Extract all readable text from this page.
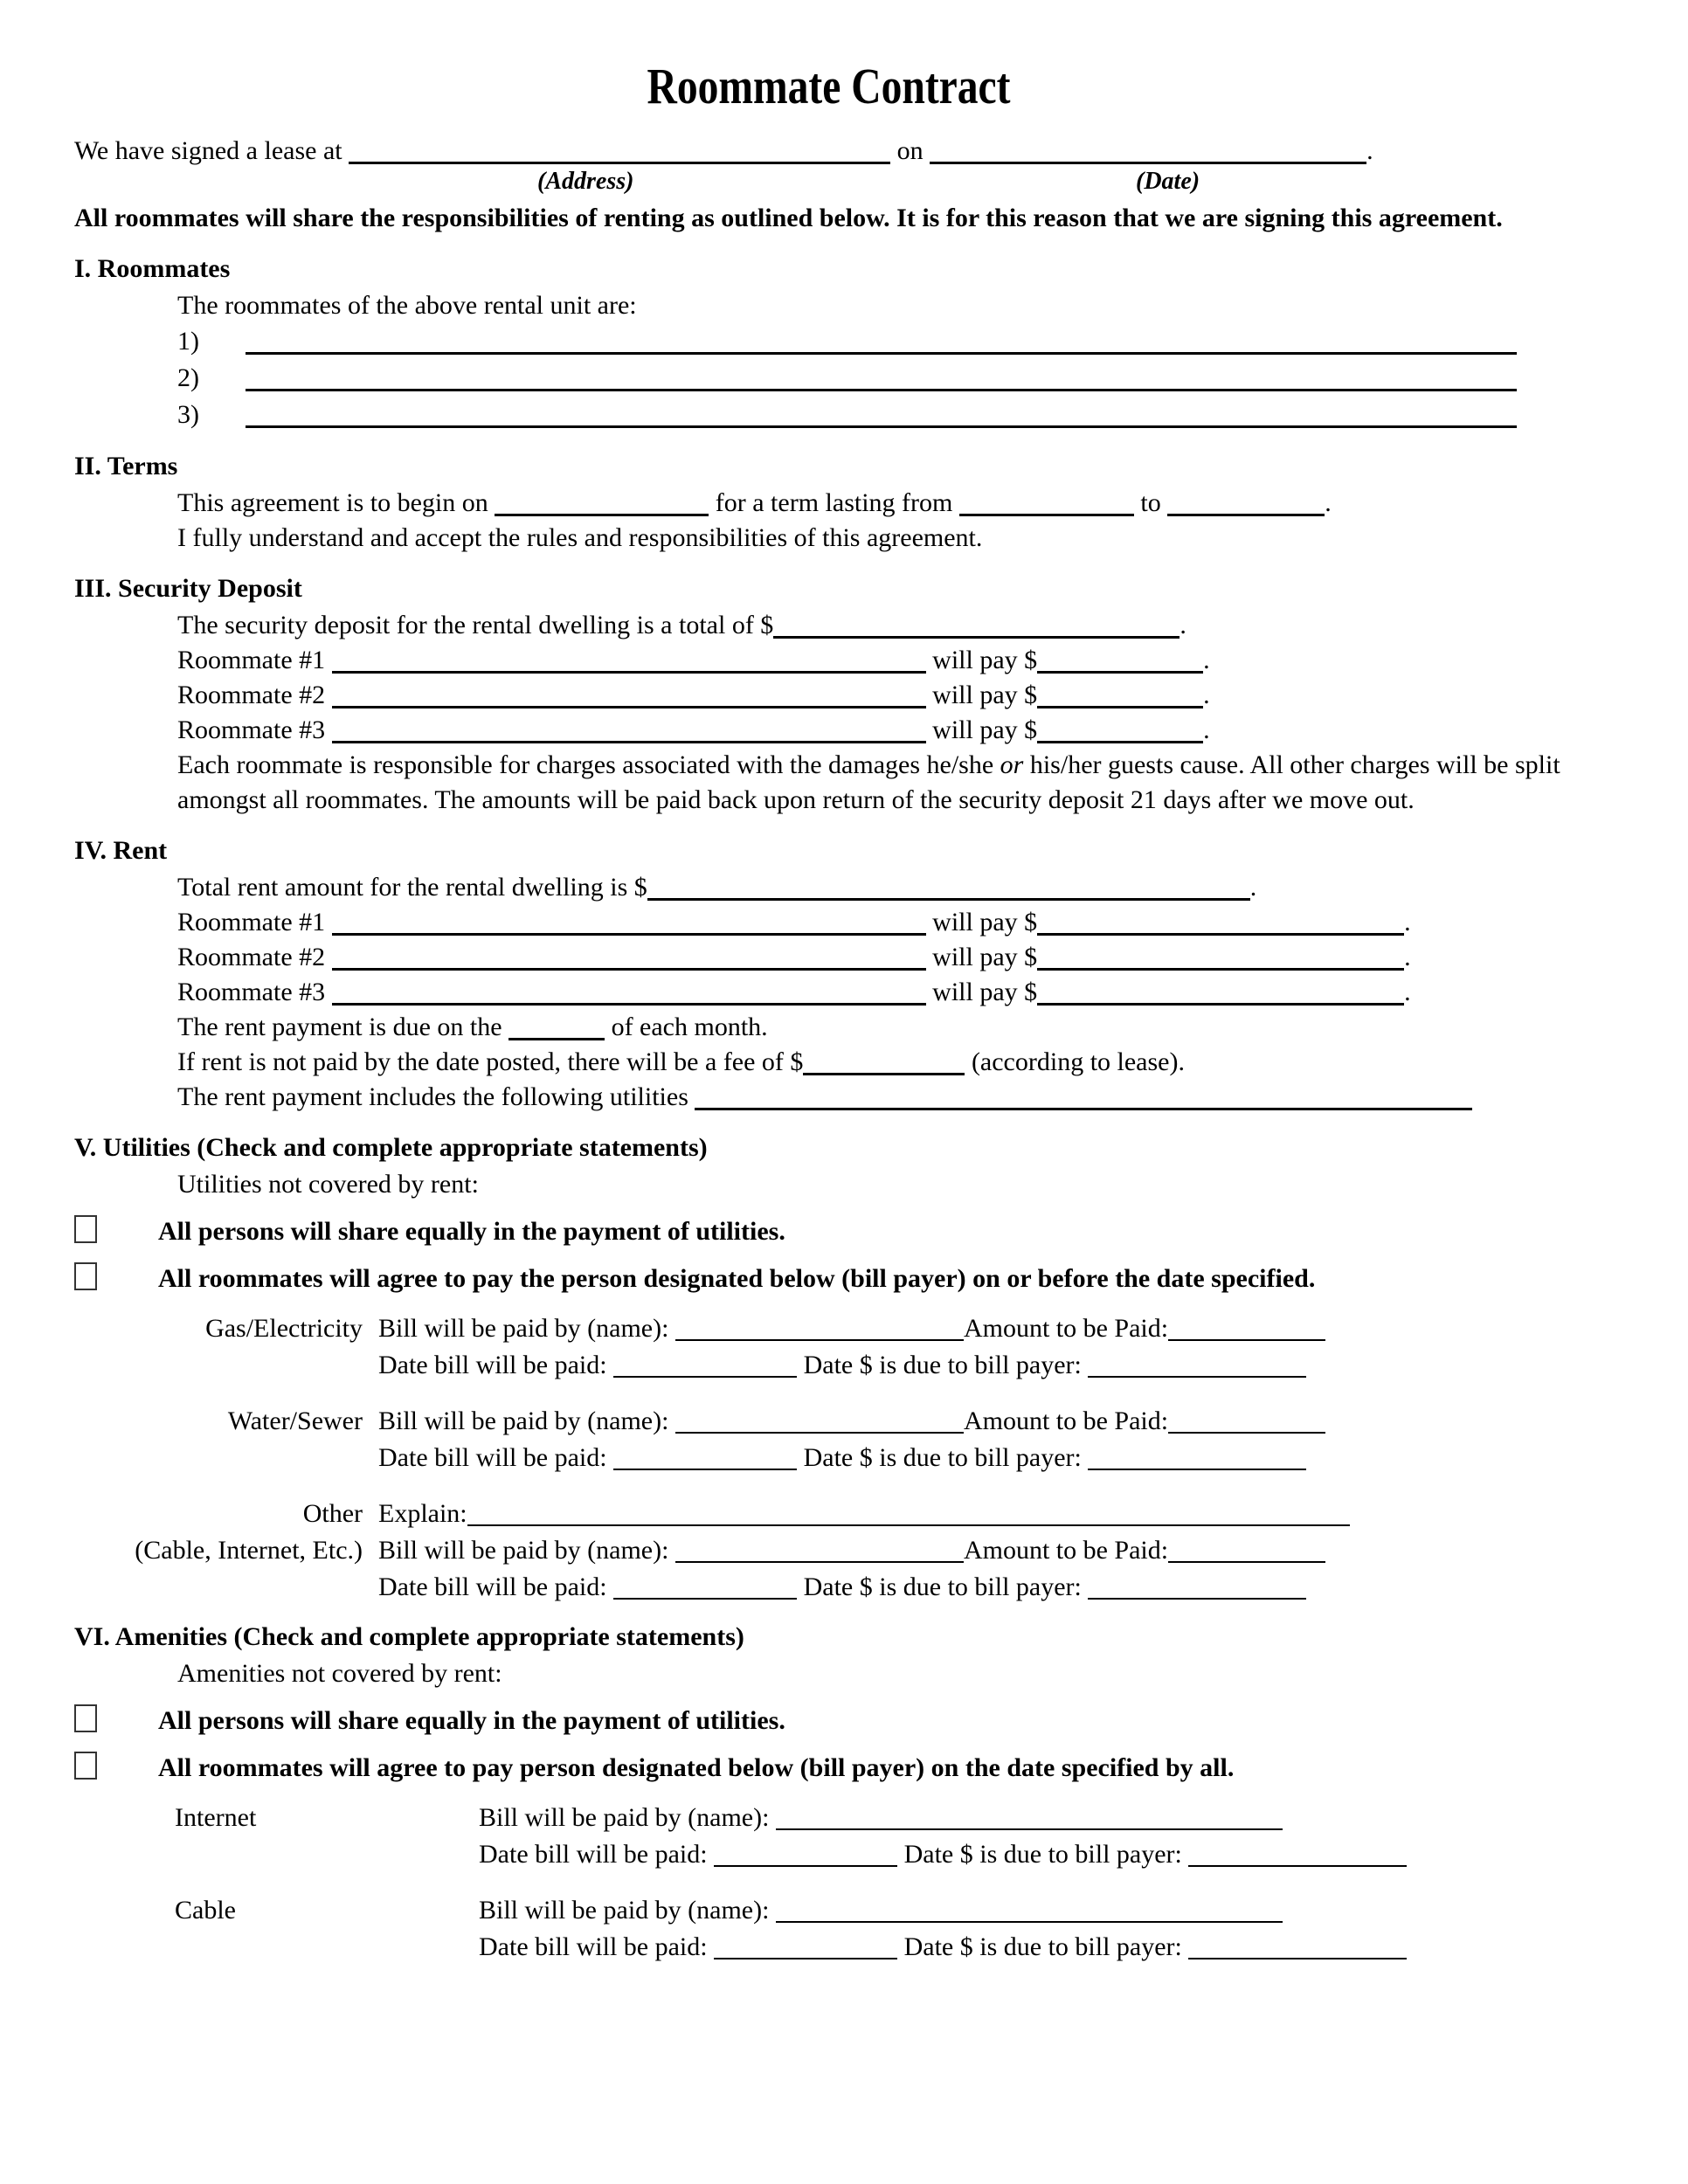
Roommate Contract
We have signed a lease at	on	.
(Address)	(Date)
All roommates will share the responsibilities of renting as outlined below. It is for this reason that we are signing this agreement.
I. Roommates
The roommates of the above rental unit are:
1)
2)
3)
II. Terms
This agreement is to begin on	for a term lasting from	to	.
I fully understand and accept the rules and responsibilities of this agreement.
III. Security Deposit
The security deposit for the rental dwelling is a total of $	.
Roommate #1	will pay $	.
Roommate #2	will pay $	.
Roommate #3	will pay $	.
Each roommate is responsible for charges associated with the damages he/she or his/her guests cause. All other charges will be split amongst all roommates. The amounts will be paid back upon return of the security deposit 21 days after we move out.
IV. Rent
Total rent amount for the rental dwelling is $	.
Roommate #1	will pay $	.
Roommate #2	will pay $	.
Roommate #3	will pay $	.
The rent payment is due on the	of each month.
If rent is not paid by the date posted, there will be a fee of $	(according to lease).
The rent payment includes the following utilities
V. Utilities (Check and complete appropriate statements)
Utilities not covered by rent:
All persons will share equally in the payment of utilities.
All roommates will agree to pay the person designated below (bill payer) on or before the date specified.
Gas/Electricity Bill will be paid by (name):	Amount to be Paid:
Date bill will be paid:	Date $ is due to bill payer:
Water/Sewer Bill will be paid by (name):	Amount to be Paid:
Date bill will be paid:	Date $ is due to bill payer:
Other
(Cable, Internet, Etc.)
Explain:
Bill will be paid by (name):	Amount to be Paid:
Date bill will be paid:	Date $ is due to bill payer:
VI. Amenities (Check and complete appropriate statements)
Amenities not covered by rent:
All persons will share equally in the payment of utilities.
All roommates will agree to pay person designated below (bill payer) on the date specified by all.
Internet	Bill will be paid by (name):
Date bill will be paid:	Date $ is due to bill payer:
Cable	Bill will be paid by (name):
Date bill will be paid:	Date $ is due to bill payer:
